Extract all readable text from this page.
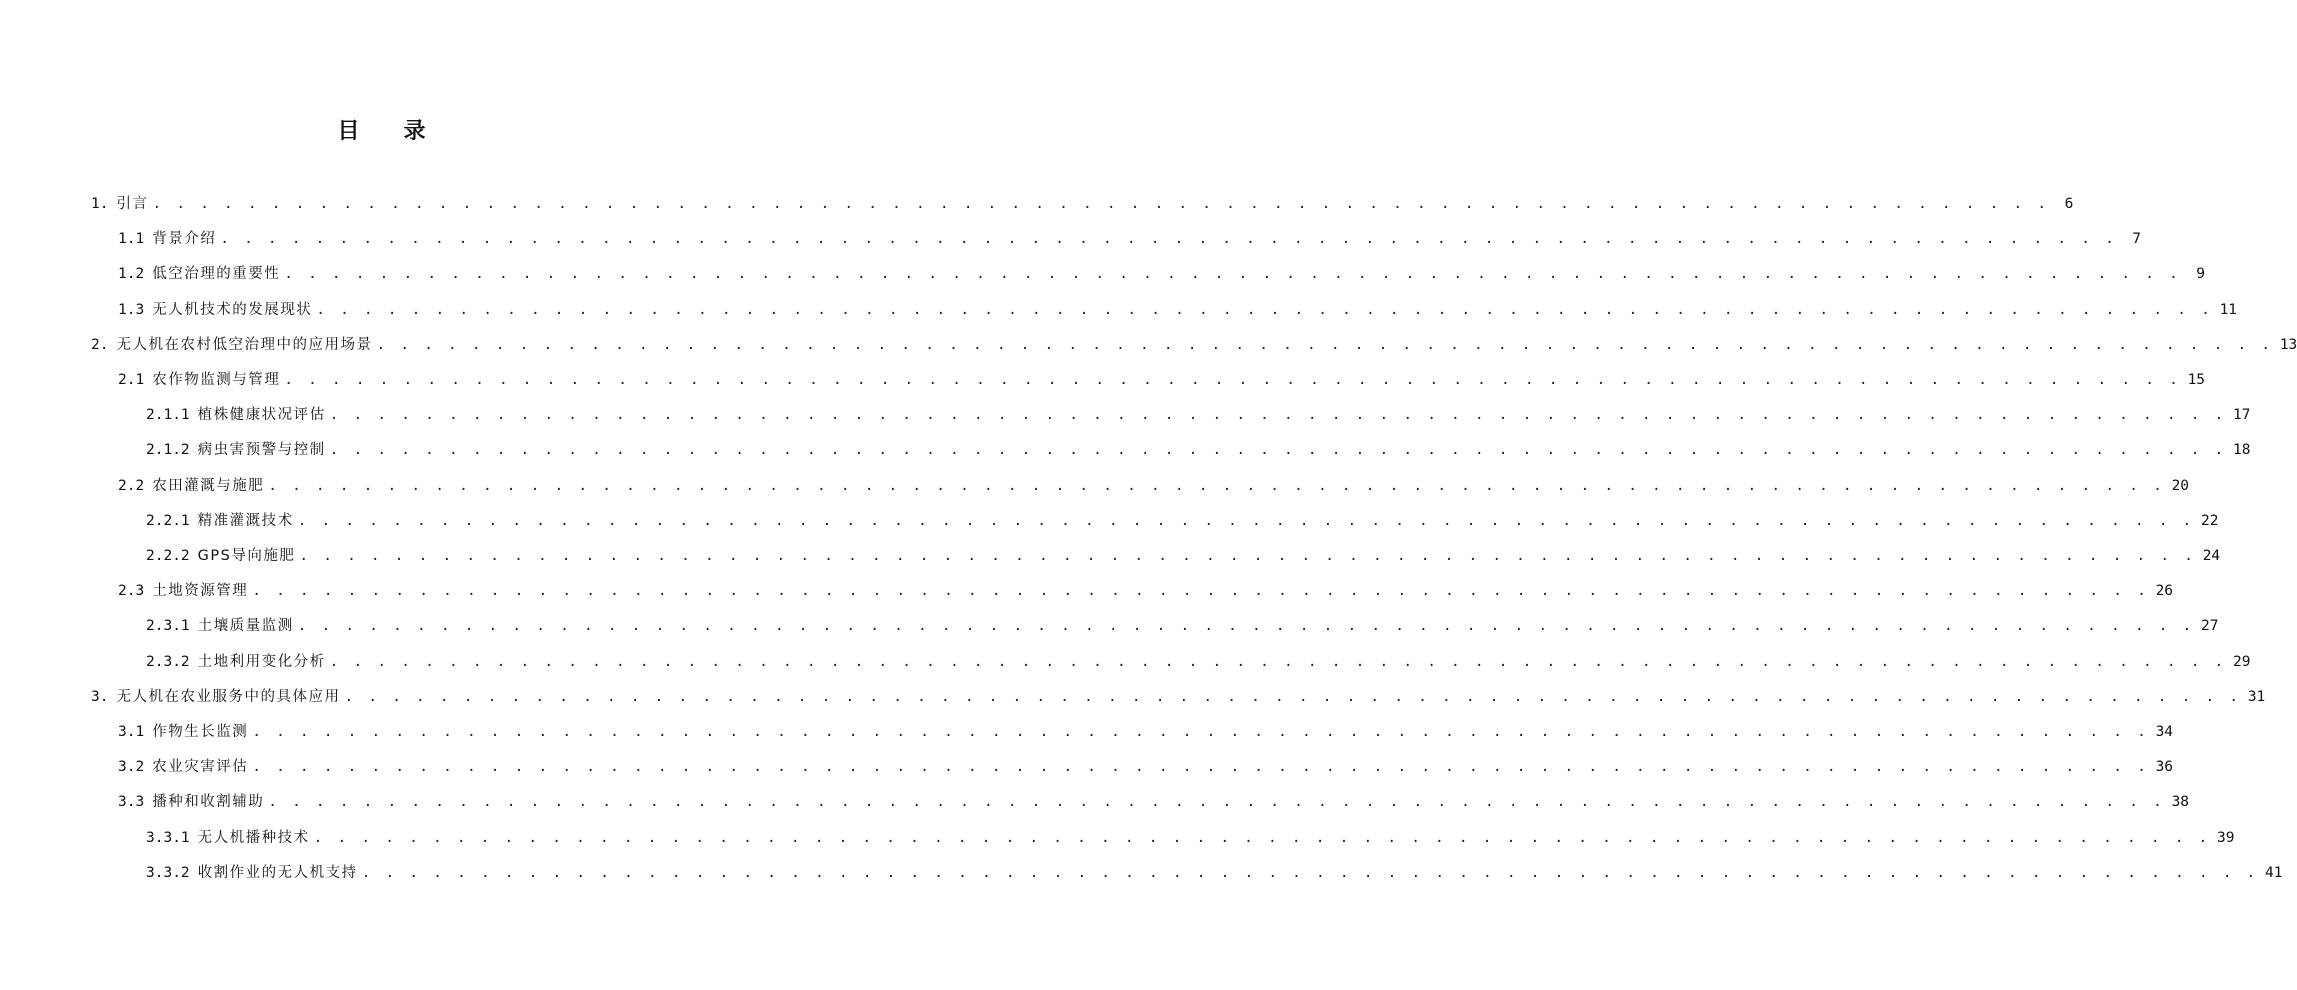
目 录
1. 引言 . . . . . . . . . . . . . . . . . . . . . . . . . . . . . . . . . . . . . . . . . . . . . . . . . . . . . . . . . . . . . . . . . . . . . . . . . . . . . . . .	6
1.1 背景介绍 . . . . . . . . . . . . . . . . . . . . . . . . . . . . . . . . . . . . . . . . . . . . . . . . . . . . . . . . . . . . . . . . . . . . . . . . . . . . . . . .	7
1.2 低空治理的重要性 . . . . . . . . . . . . . . . . . . . . . . . . . . . . . . . . . . . . . . . . . . . . . . . . . . . . . . . . . . . . . . . . . . . . . . . . . . . . . . . .	9
1.3 无人机技术的发展现状 . . . . . . . . . . . . . . . . . . . . . . . . . . . . . . . . . . . . . . . . . . . . . . . . . . . . . . . . . . . . . . . . . . . . . . . . . . . . . . . . 11
2. 无人机在农村低空治理中的应用场景 . . . . . . . . . . . . . . . . . . . . . . . . . . . . . . . . . . . . . . . . . . . . . . . . . . . . . . . . . . . . . . . . . . . . . . . . . . . . . . . . 13
2.1 农作物监测与管理 . . . . . . . . . . . . . . . . . . . . . . . . . . . . . . . . . . . . . . . . . . . . . . . . . . . . . . . . . . . . . . . . . . . . . . . . . . . . . . . . 15
2.1.1 植株健康状况评估 . . . . . . . . . . . . . . . . . . . . . . . . . . . . . . . . . . . . . . . . . . . . . . . . . . . . . . . . . . . . . . . . . . . . . . . . . . . . . . . . 17
2.1.2 病虫害预警与控制 . . . . . . . . . . . . . . . . . . . . . . . . . . . . . . . . . . . . . . . . . . . . . . . . . . . . . . . . . . . . . . . . . . . . . . . . . . . . . . . . 18
2.2 农田灌溉与施肥 . . . . . . . . . . . . . . . . . . . . . . . . . . . . . . . . . . . . . . . . . . . . . . . . . . . . . . . . . . . . . . . . . . . . . . . . . . . . . . . . 20
2.2.1 精准灌溉技术 . . . . . . . . . . . . . . . . . . . . . . . . . . . . . . . . . . . . . . . . . . . . . . . . . . . . . . . . . . . . . . . . . . . . . . . . . . . . . . . . 22
2.2.2 GPS导向施肥 . . . . . . . . . . . . . . . . . . . . . . . . . . . . . . . . . . . . . . . . . . . . . . . . . . . . . . . . . . . . . . . . . . . . . . . . . . . . . . . . 24
2.3 土地资源管理 . . . . . . . . . . . . . . . . . . . . . . . . . . . . . . . . . . . . . . . . . . . . . . . . . . . . . . . . . . . . . . . . . . . . . . . . . . . . . . . . 26
2.3.1 土壤质量监测 . . . . . . . . . . . . . . . . . . . . . . . . . . . . . . . . . . . . . . . . . . . . . . . . . . . . . . . . . . . . . . . . . . . . . . . . . . . . . . . . 27
2.3.2 土地利用变化分析 . . . . . . . . . . . . . . . . . . . . . . . . . . . . . . . . . . . . . . . . . . . . . . . . . . . . . . . . . . . . . . . . . . . . . . . . . . . . . . . . 29
3. 无人机在农业服务中的具体应用 . . . . . . . . . . . . . . . . . . . . . . . . . . . . . . . . . . . . . . . . . . . . . . . . . . . . . . . . . . . . . . . . . . . . . . . . . . . . . . . . 31
3.1 作物生长监测 . . . . . . . . . . . . . . . . . . . . . . . . . . . . . . . . . . . . . . . . . . . . . . . . . . . . . . . . . . . . . . . . . . . . . . . . . . . . . . . . 34
3.2 农业灾害评估 . . . . . . . . . . . . . . . . . . . . . . . . . . . . . . . . . . . . . . . . . . . . . . . . . . . . . . . . . . . . . . . . . . . . . . . . . . . . . . . . 36
3.3 播种和收割辅助 . . . . . . . . . . . . . . . . . . . . . . . . . . . . . . . . . . . . . . . . . . . . . . . . . . . . . . . . . . . . . . . . . . . . . . . . . . . . . . . . 38
3.3.1 无人机播种技术 . . . . . . . . . . . . . . . . . . . . . . . . . . . . . . . . . . . . . . . . . . . . . . . . . . . . . . . . . . . . . . . . . . . . . . . . . . . . . . . . 39
3.3.2 收割作业的无人机支持 . . . . . . . . . . . . . . . . . . . . . . . . . . . . . . . . . . . . . . . . . . . . . . . . . . . . . . . . . . . . . . . . . . . . . . . . . . . . . . . . 41
